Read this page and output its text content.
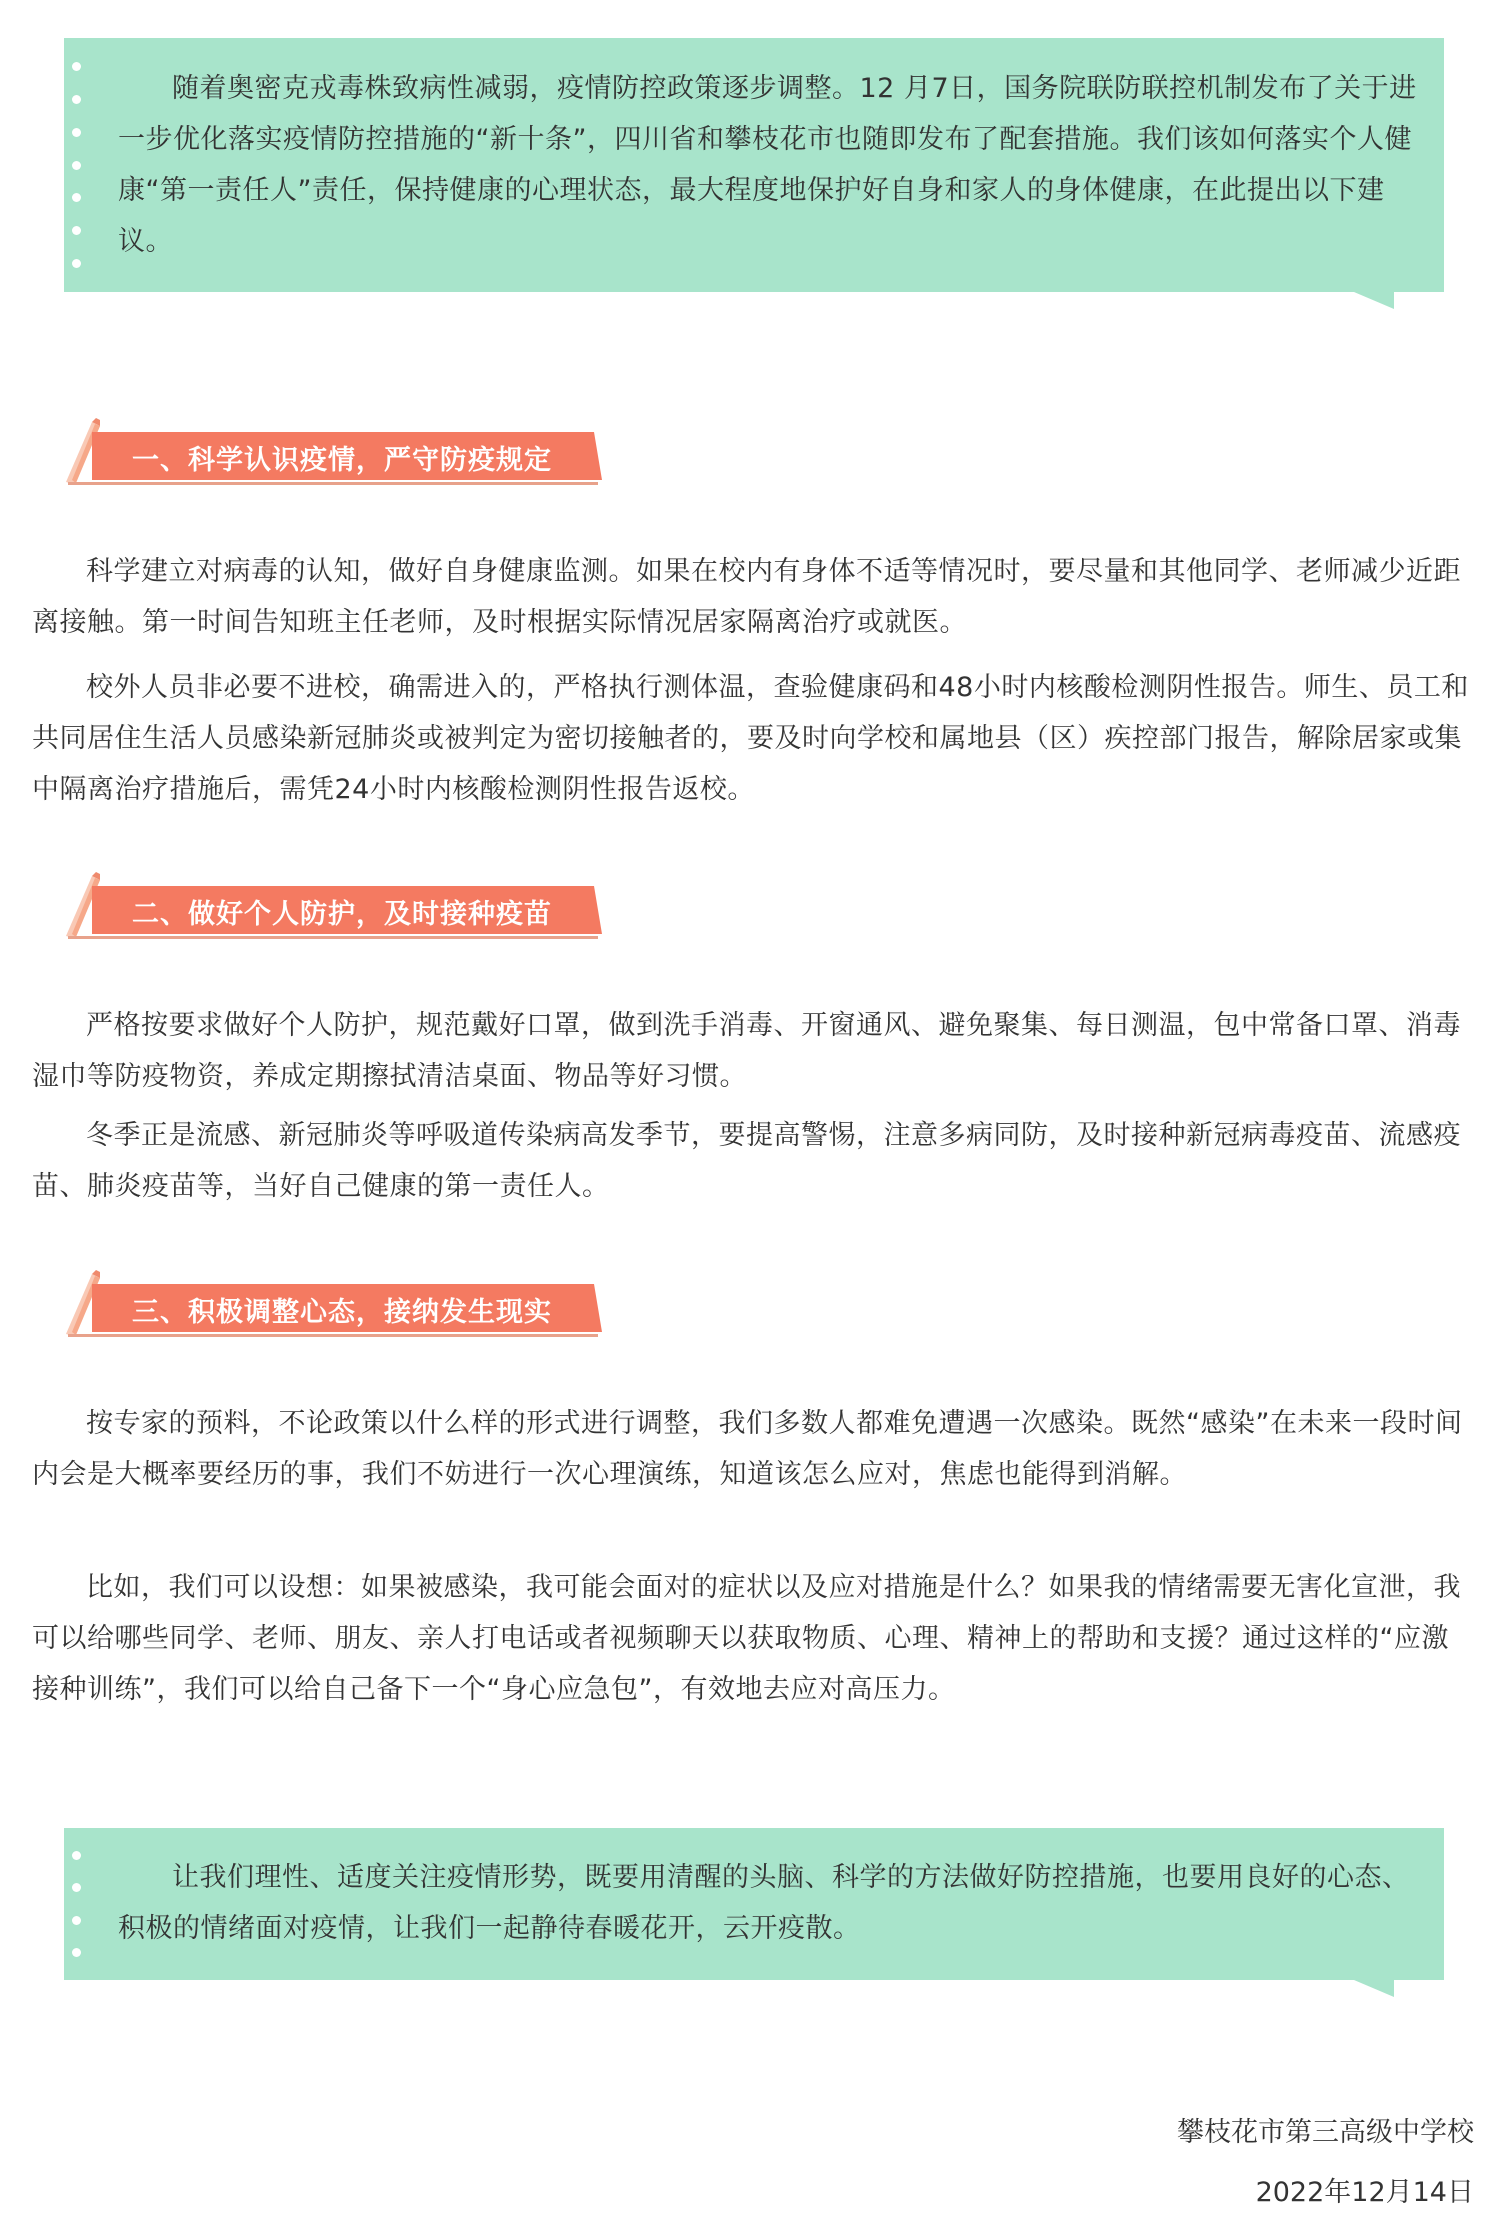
随着奥密克戎毒株致病性减弱，疫情防控政策逐步调整。12 月7日，国务院联防联控机制发布了关于进一步优化落实疫情防控措施的“新十条”，四川省和攀枝花市也随即发布了配套措施。我们该如何落实个人健康“第一责任人”责任，保持健康的心理状态，最大程度地保护好自身和家人的身体健康，在此提出以下建议。

一、科学认识疫情，严守防疫规定

科学建立对病毒的认知，做好自身健康监测。如果在校内有身体不适等情况时，要尽量和其他同学、老师减少近距离接触。第一时间告知班主任老师，及时根据实际情况居家隔离治疗或就医。

校外人员非必要不进校，确需进入的，严格执行测体温，查验健康码和48小时内核酸检测阴性报告。师生、员工和共同居住生活人员感染新冠肺炎或被判定为密切接触者的，要及时向学校和属地县（区）疾控部门报告，解除居家或集中隔离治疗措施后，需凭24小时内核酸检测阴性报告返校。

二、做好个人防护，及时接种疫苗

严格按要求做好个人防护，规范戴好口罩，做到洗手消毒、开窗通风、避免聚集、每日测温，包中常备口罩、消毒湿巾等防疫物资，养成定期擦拭清洁桌面、物品等好习惯。

冬季正是流感、新冠肺炎等呼吸道传染病高发季节，要提高警惕，注意多病同防，及时接种新冠病毒疫苗、流感疫苗、肺炎疫苗等，当好自己健康的第一责任人。

三、积极调整心态，接纳发生现实

按专家的预料，不论政策以什么样的形式进行调整，我们多数人都难免遭遇一次感染。既然“感染”在未来一段时间内会是大概率要经历的事，我们不妨进行一次心理演练，知道该怎么应对，焦虑也能得到消解。

比如，我们可以设想：如果被感染，我可能会面对的症状以及应对措施是什么？如果我的情绪需要无害化宣泄，我可以给哪些同学、老师、朋友、亲人打电话或者视频聊天以获取物质、心理、精神上的帮助和支援？通过这样的“应激接种训练”，我们可以给自己备下一个“身心应急包”，有效地去应对高压力。

让我们理性、适度关注疫情形势，既要用清醒的头脑、科学的方法做好防控措施，也要用良好的心态、积极的情绪面对疫情，让我们一起静待春暖花开，云开疫散。

攀枝花市第三高级中学校
2022年12月14日
